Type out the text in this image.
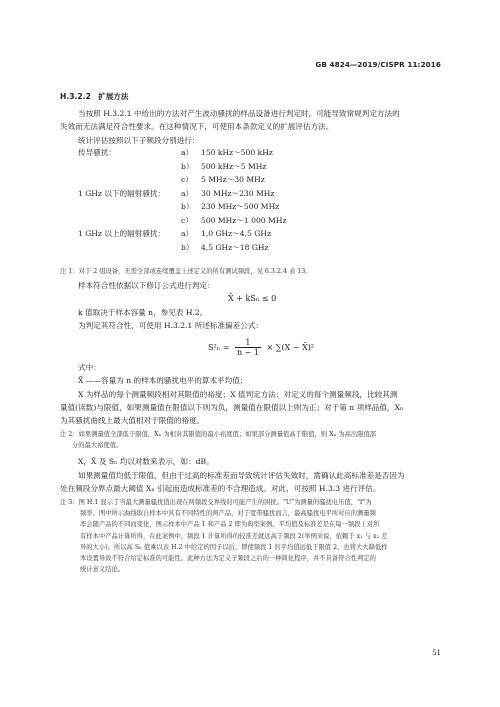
GB 4824—2019/CISPR 11:2016
H.3.2.2 扩展方法
当按照 H.3.2.1 中给出的方法对产生波动骚扰的样品设备进行判定时，可能导致常规判定方法的
失效而无法满足符合性要求。在这种情况下，可使用本条款定义的扩展评估方法。
统计评估按照以下子频段分别进行：
传导骚扰：	a） 150 kHz～500 kHz
b） 500 kHz～5 MHz
c） 5 MHz～30 MHz
1 GHz 以下的辐射骚扰： a） 30 MHz～230 MHz
b） 230 MHz～500 MHz
c） 500 MHz～1 000 MHz
1 GHz 以上的辐射骚扰： a） 1,0 GHz～4,5 GHz
b） 4,5 GHz～18 GHz
注 1：对于 2 组设备，无需全部或连续覆盖上述定义的所有测试频段，见 6.3.2.4 表 13。
样本符合性依据以下修订公式进行判定：
X̄ + kSₙ ≤ 0
k 值取决于样本容量 n，参见表 H.2。
为判定其符合性，可使用 H.3.2.1 所述标准偏差公式：
$S^2_n = \frac{1}{n - 1} \times \sum(X$ − X̄)²
式中：
X̄ ——容量为 n 的样本的骚扰电平的算术平均值；
X 为样品的每个测量频段相对其限值的裕度；X 值判定方法：对定义的每个测量频段，比较其测
量值(读数)与限值，如果测量值在限值以下则为负，测量值在限值以上则为正；对于第 n 项样品值，Xₙ
为其骚扰曲线上最大值相对于限值的裕度。
注 2：如果测量值全部低于限值，Xₙ 为相对其限值的最小裕度值；如果部分测量值高于限值，则 Xₙ 为高出限值部
分的最大裕度值。
X，X̄ 及 Sₙ 均以对数来表示，如：dB。
如果测量值均低于限值，但由于过高的标准差而导致统计评估失效时，需确认此高标准差是否因为
处在频段分界点最大阈值 Xₙ 引起而造成标准差的不合理造成。对此，可按照 H.3.3 进行评估。
注 3：图 H.1 显示了当最大测量骚扰值出现在两频段交界线时可能产生的困扰。"U"为测量的骚扰电压值，"f"为
频率。图中所示曲线取自样本中具有不同特性的两产品，对于宽带骚扰而言，最高骚扰电平所对应的测量频
率会随产品的不同而变化，图示样本中产品 1 和产品 2 即为典型案例。平均值及标准差是在每一频段上对所
有样本中产品计算所得，在此案例中，频段 1 计算所得的较准差就远高于频段 2(举例来说，依赖于 x₁ 与 x₂ 差
异的大小)。所以高 Sₙ 值乘以表 H.2 中给定的因子以后，即使频段 1 的平均值远低于限值 2，也将大大降低样
本设置导致不符合给定标准的可能性。此种方法为定义子频段之后的一种简化程序，并不具备符合性判定的
统计意义结论。
51
